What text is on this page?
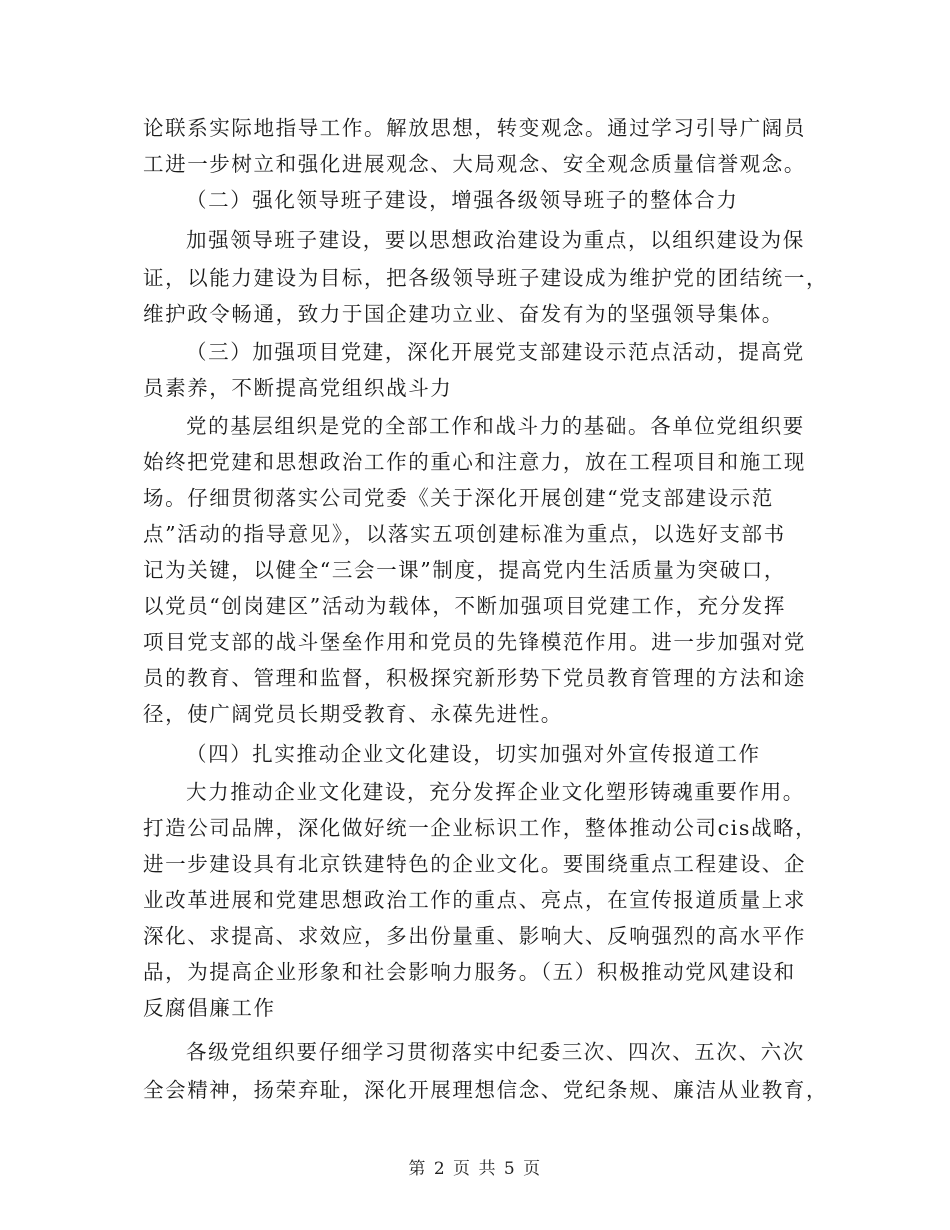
论联系实际地指导工作。解放思想，转变观念。通过学习引导广阔员
工进一步树立和强化进展观念、大局观念、安全观念质量信誉观念。
（二）强化领导班子建设，增强各级领导班子的整体合力
加强领导班子建设，要以思想政治建设为重点，以组织建设为保
证，以能力建设为目标，把各级领导班子建设成为维护党的团结统一，
维护政令畅通，致力于国企建功立业、奋发有为的坚强领导集体。
（三）加强项目党建，深化开展党支部建设示范点活动，提高党
员素养，不断提高党组织战斗力
党的基层组织是党的全部工作和战斗力的基础。各单位党组织要
始终把党建和思想政治工作的重心和注意力，放在工程项目和施工现
场。仔细贯彻落实公司党委《关于深化开展创建“党支部建设示范
点”活动的指导意见》，以落实五项创建标准为重点，以选好支部书
记为关键，以健全“三会一课”制度，提高党内生活质量为突破口，
以党员“创岗建区”活动为载体，不断加强项目党建工作，充分发挥
项目党支部的战斗堡垒作用和党员的先锋模范作用。进一步加强对党
员的教育、管理和监督，积极探究新形势下党员教育管理的方法和途
径，使广阔党员长期受教育、永葆先进性。
（四）扎实推动企业文化建设，切实加强对外宣传报道工作
大力推动企业文化建设，充分发挥企业文化塑形铸魂重要作用。
打造公司品牌，深化做好统一企业标识工作，整体推动公司cis战略，
进一步建设具有北京铁建特色的企业文化。要围绕重点工程建设、企
业改革进展和党建思想政治工作的重点、亮点，在宣传报道质量上求
深化、求提高、求效应，多出份量重、影响大、反响强烈的高水平作
品，为提高企业形象和社会影响力服务。（五）积极推动党风建设和
反腐倡廉工作
各级党组织要仔细学习贯彻落实中纪委三次、四次、五次、六次
全会精神，扬荣弃耻，深化开展理想信念、党纪条规、廉洁从业教育，
第 2 页 共 5 页
